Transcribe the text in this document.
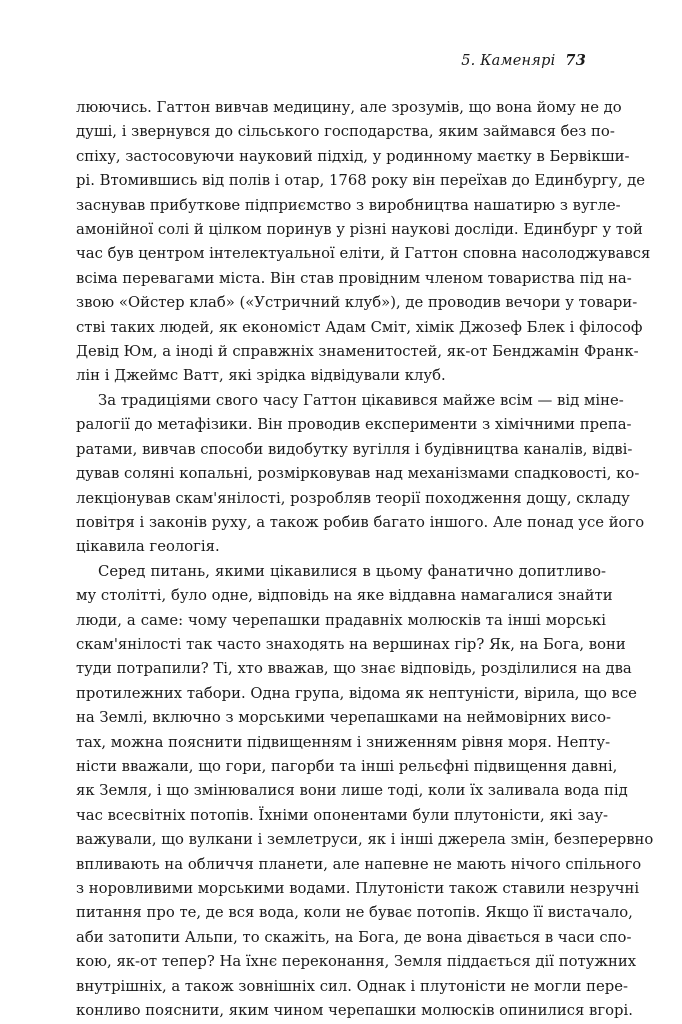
5. Каменярі 73
люючись. Гаттон вивчав медицину, але зрозумів, що вона йому не до
душі, і звернувся до сільського господарства, яким займався без по-
спіху, застосовуючи науковий підхід, у родинному маєтку в Бервікши-
рі. Втомившись від полів і отар, 1768 року він переїхав до Единбургу, де
заснував прибуткове підприємство з виробництва нашатирю з вугле-
амонійної солі й цілком поринув у різні наукові досліди. Единбург у той
час був центром інтелектуальної еліти, й Гаттон сповна насолоджувався
всіма перевагами міста. Він став провідним членом товариства під на-
звою «Ойстер клаб» («Устричний клуб»), де проводив вечори у товари-
стві таких людей, як економіст Адам Сміт, хімік Джозеф Блек і філософ
Девід Юм, а іноді й справжніх знаменитостей, як-от Бенджамін Франк-
лін і Джеймс Ватт, які зрідка відвідували клуб.
За традиціями свого часу Гаттон цікавився майже всім — від міне-
ралогії до метафізики. Він проводив експерименти з хімічними препа-
ратами, вивчав способи видобутку вугілля і будівництва каналів, відві-
дував соляні копальні, розмірковував над механізмами спадковості, ко-
лекціонував скам'янілості, розробляв теорії походження дощу, складу
повітря і законів руху, а також робив багато іншого. Але понад усе його
цікавила геологія.
Серед питань, якими цікавилися в цьому фанатично допитливо-
му столітті, було одне, відповідь на яке віддавна намагалися знайти
люди, а саме: чому черепашки прадавніх молюсків та інші морські
скам'янілості так часто знаходять на вершинах гір? Як, на Бога, вони
туди потрапили? Ті, хто вважав, що знає відповідь, розділилися на два
протилежних табори. Одна група, відома як нептуністи, вірила, що все
на Землі, включно з морськими черепашками на неймовірних висо-
тах, можна пояснити підвищенням і зниженням рівня моря. Непту-
ністи вважали, що гори, пагорби та інші рельєфні підвищення давні,
як Земля, і що змінювалися вони лише тоді, коли їх заливала вода під
час всесвітніх потопів. Їхніми опонентами були плутоністи, які зау-
важували, що вулкани і землетруси, як і інші джерела змін, безперервно
впливають на обличчя планети, але напевне не мають нічого спільного
з норовливими морськими водами. Плутоністи також ставили незручні
питання про те, де вся вода, коли не буває потопів. Якщо її вистачало,
аби затопити Альпи, то скажіть, на Бога, де вона дівається в часи спо-
кою, як-от тепер? На їхнє переконання, Земля піддається дії потужних
внутрішніх, а також зовнішніх сил. Однак і плутоністи не могли пере-
конливо пояснити, яким чином черепашки молюсків опинилися вгорі.
